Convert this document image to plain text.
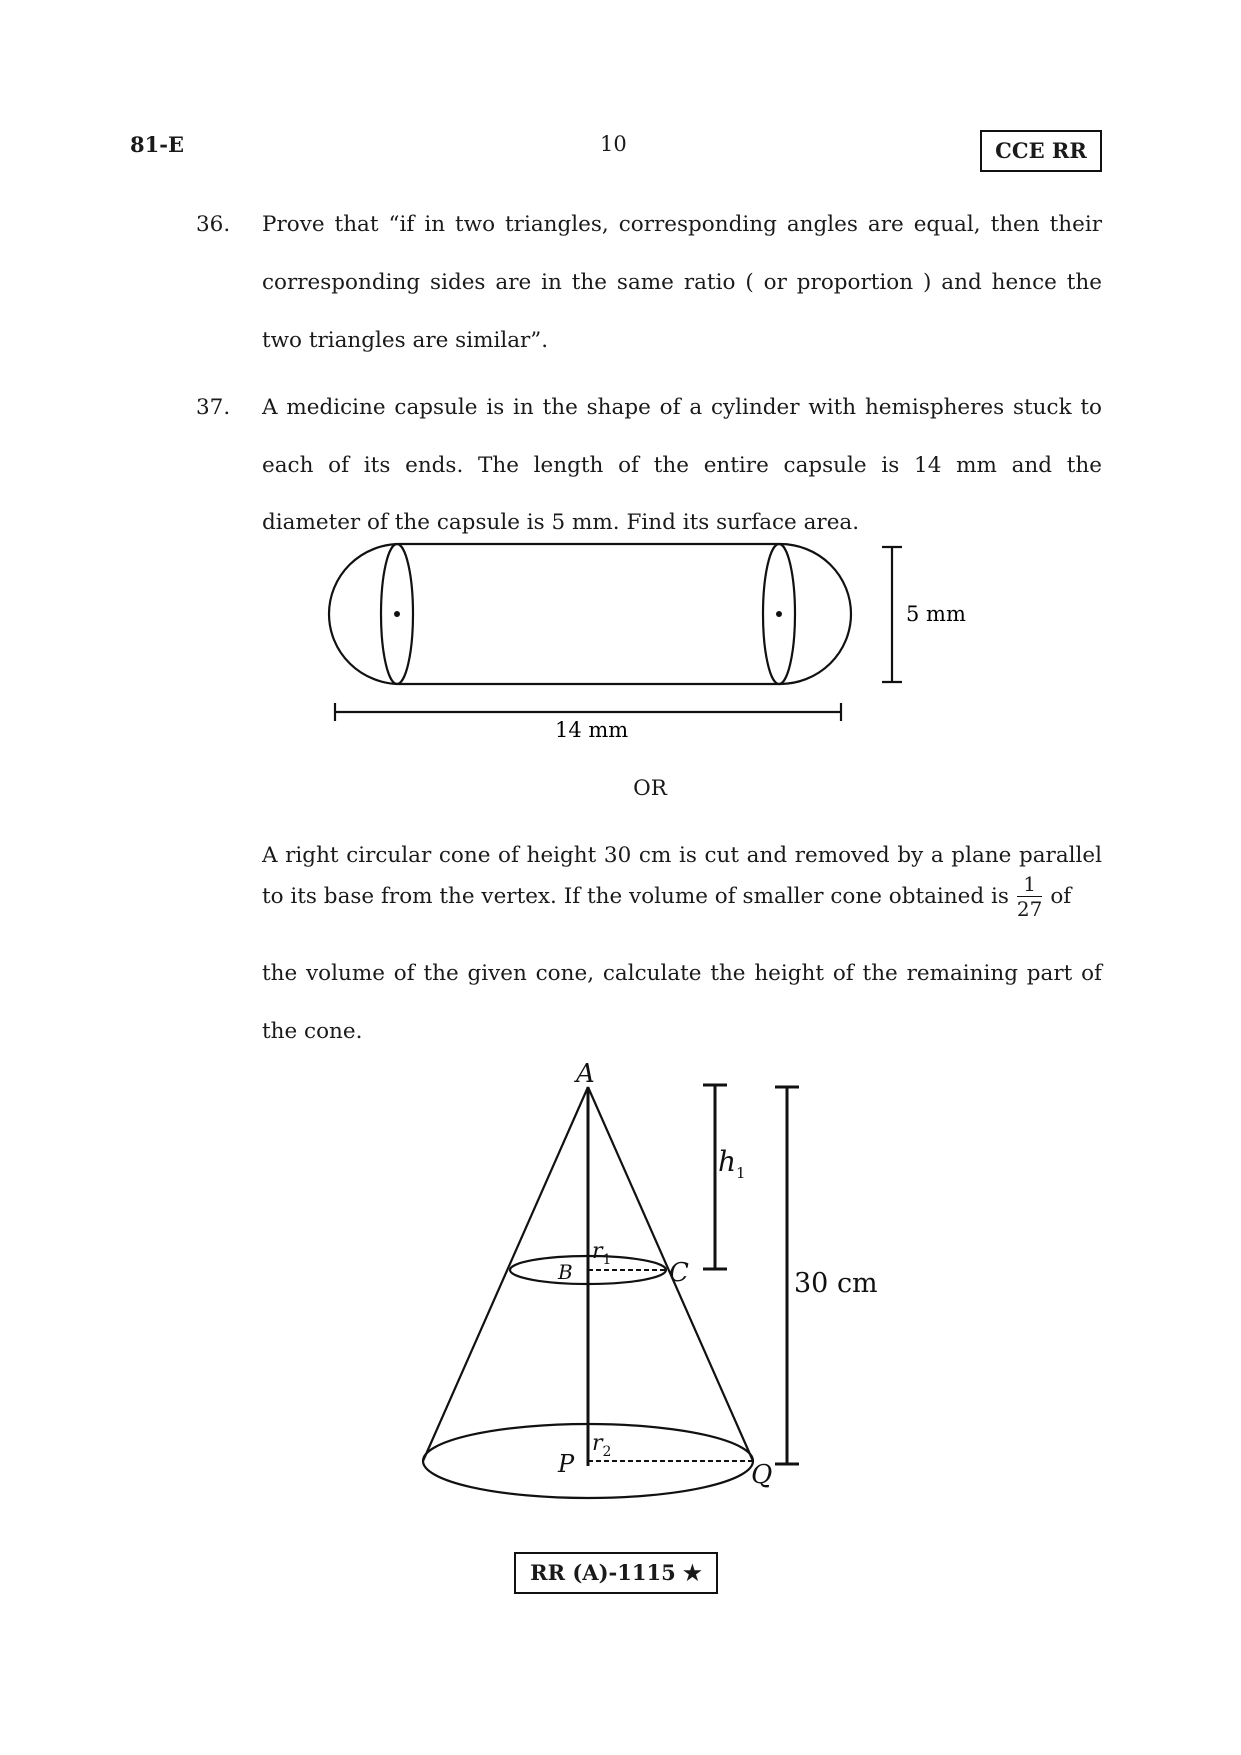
81-E	10	CCE RR
36. Prove that “if in two triangles, corresponding angles are equal, then their
corresponding sides are in the same ratio ( or proportion ) and hence the
two triangles are similar”.
37. A medicine capsule is in the shape of a cylinder with hemispheres stuck to
each of its ends. The length of the entire capsule is 14 mm and the
diameter of the capsule is 5 mm. Find its surface area.
5 mm
14 mm
OR
A right circular cone of height 30 cm is cut and removed by a plane parallel
to its base from the vertex. If the volume of smaller cone obtained is $\frac{1}{27}$ of
the volume of the given cone, calculate the height of the remaining part of
the cone.
A
B	C
P	Q
$r_1$
$r_2$
$h_1$
30 cm
RR (A)-1115 ★
